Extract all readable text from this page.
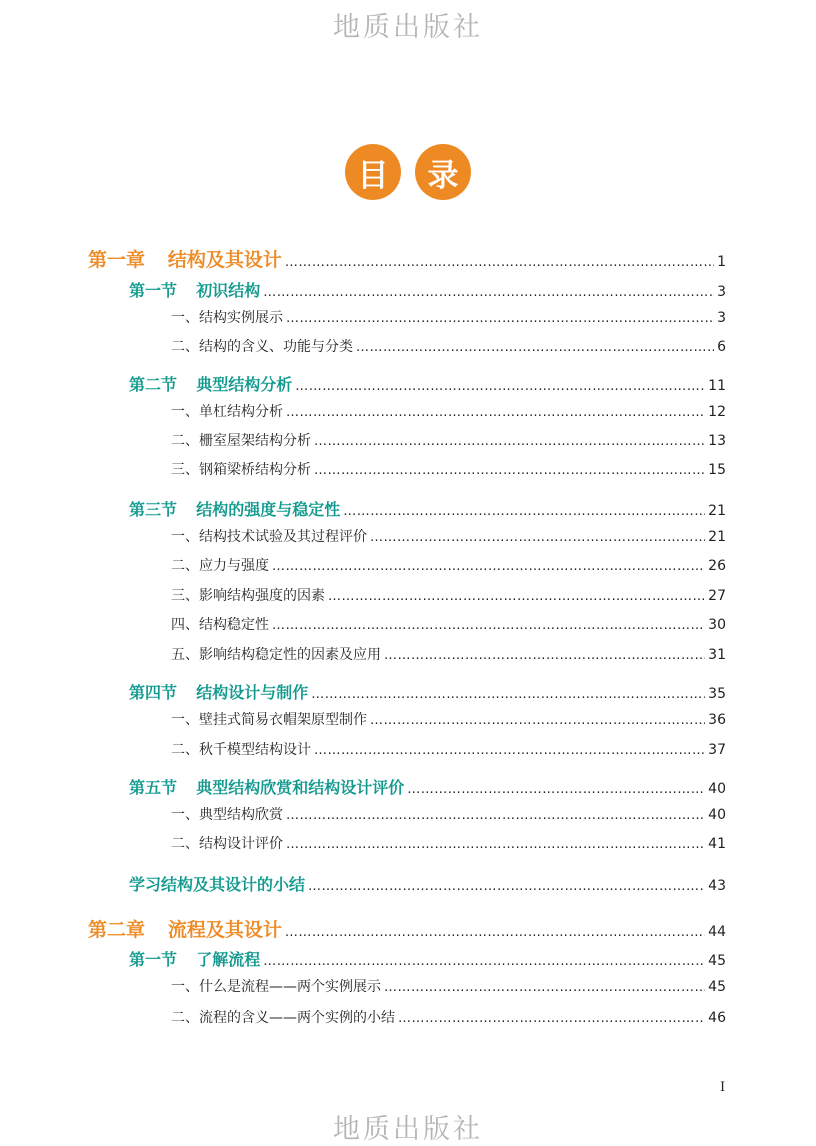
地质出版社
目	录
第一章 结构及其设计 …………………………………………………………………………………………………………………………………………………………………………	1
第一节 初识结构 …………………………………………………………………………………………………………………………………………………………………………	3
一、结构实例展示 …………………………………………………………………………………………………………………………………………………………………………	3
二、结构的含义、功能与分类 …………………………………………………………………………………………………………………………………………………………………………	6
第二节 典型结构分析 …………………………………………………………………………………………………………………………………………………………………………	11
一、单杠结构分析 …………………………………………………………………………………………………………………………………………………………………………	12
二、栅室屋架结构分析 …………………………………………………………………………………………………………………………………………………………………………	13
三、钢箱梁桥结构分析 …………………………………………………………………………………………………………………………………………………………………………	15
第三节 结构的强度与稳定性 …………………………………………………………………………………………………………………………………………………………………………	21
一、结构技术试验及其过程评价 …………………………………………………………………………………………………………………………………………………………………………	21
二、应力与强度 …………………………………………………………………………………………………………………………………………………………………………	26
三、影响结构强度的因素 …………………………………………………………………………………………………………………………………………………………………………	27
四、结构稳定性 …………………………………………………………………………………………………………………………………………………………………………	30
五、影响结构稳定性的因素及应用 …………………………………………………………………………………………………………………………………………………………………………	31
第四节 结构设计与制作 …………………………………………………………………………………………………………………………………………………………………………	35
一、壁挂式简易衣帽架原型制作 …………………………………………………………………………………………………………………………………………………………………………	36
二、秋千模型结构设计 …………………………………………………………………………………………………………………………………………………………………………	37
第五节 典型结构欣赏和结构设计评价 …………………………………………………………………………………………………………………………………………………………………………	40
一、典型结构欣赏 …………………………………………………………………………………………………………………………………………………………………………	40
二、结构设计评价 …………………………………………………………………………………………………………………………………………………………………………	41
学习结构及其设计的小结 …………………………………………………………………………………………………………………………………………………………………………	43
第二章 流程及其设计 …………………………………………………………………………………………………………………………………………………………………………	44
第一节 了解流程 …………………………………………………………………………………………………………………………………………………………………………	45
一、什么是流程——两个实例展示 …………………………………………………………………………………………………………………………………………………………………………	45
二、流程的含义——两个实例的小结 …………………………………………………………………………………………………………………………………………………………………………	46
I
地质出版社
